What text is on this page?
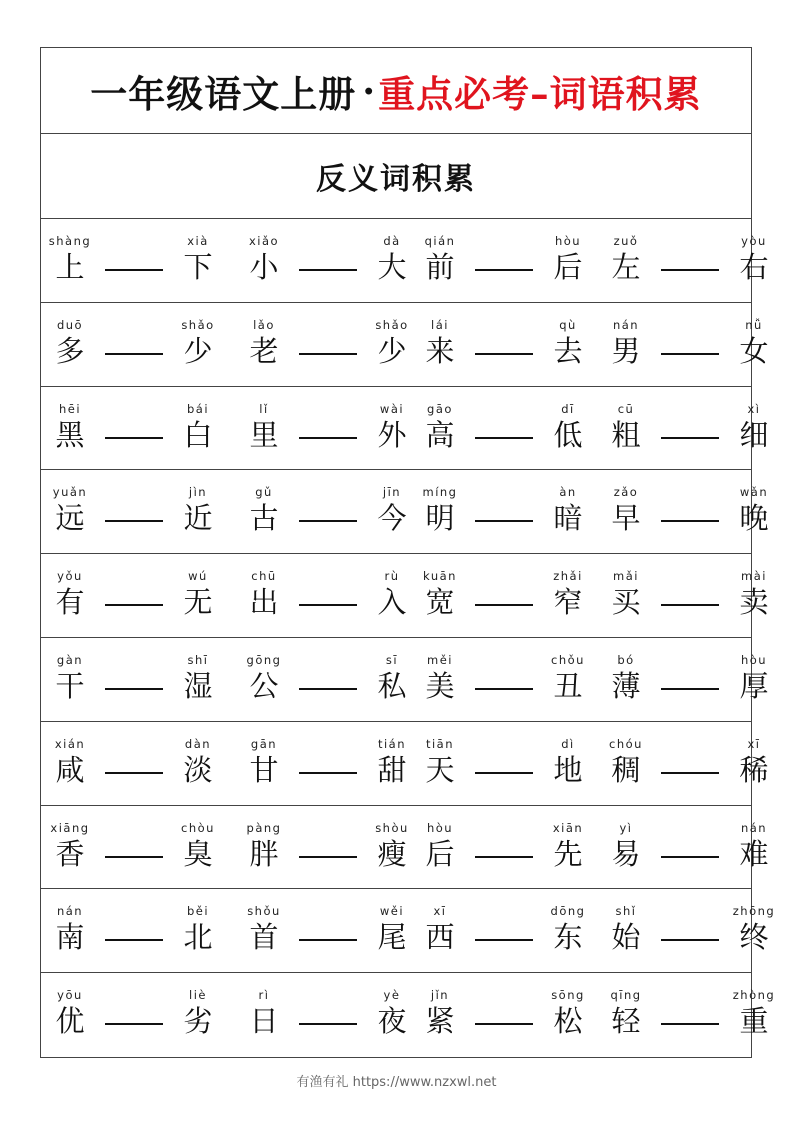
一年级语文上册 · 重点必考–词语积累
反义词积累
shàng
上
xià
下
xiǎo
小
dà
大
qián
前
hòu
后
zuǒ
左
yòu
右
duō
多
shǎo
少
lǎo
老
shǎo
少
lái
来
qù
去
nán
男
nǚ
女
hēi
黑
bái
白
lǐ
里
wài
外
gāo
高
dī
低
cū
粗
xì
细
yuǎn
远
jìn
近
gǔ
古
jīn
今
míng
明
àn
暗
zǎo
早
wǎn
晚
yǒu
有
wú
无
chū
出
rù
入
kuān
宽
zhǎi
窄
mǎi
买
mài
卖
gàn
干
shī
湿
gōng
公
sī
私
měi
美
chǒu
丑
bó
薄
hòu
厚
xián
咸
dàn
淡
gān
甘
tián
甜
tiān
天
dì
地
chóu
稠
xī
稀
xiāng
香
chòu
臭
pàng
胖
shòu
瘦
hòu
后
xiān
先
yì
易
nán
难
nán
南
běi
北
shǒu
首
wěi
尾
xī
西
dōng
东
shǐ
始
zhōng
终
yōu
优
liè
劣
rì
日
yè
夜
jǐn
紧
sōng
松
qīng
轻
zhòng
重
有渔有礼 https://www.nzxwl.net
